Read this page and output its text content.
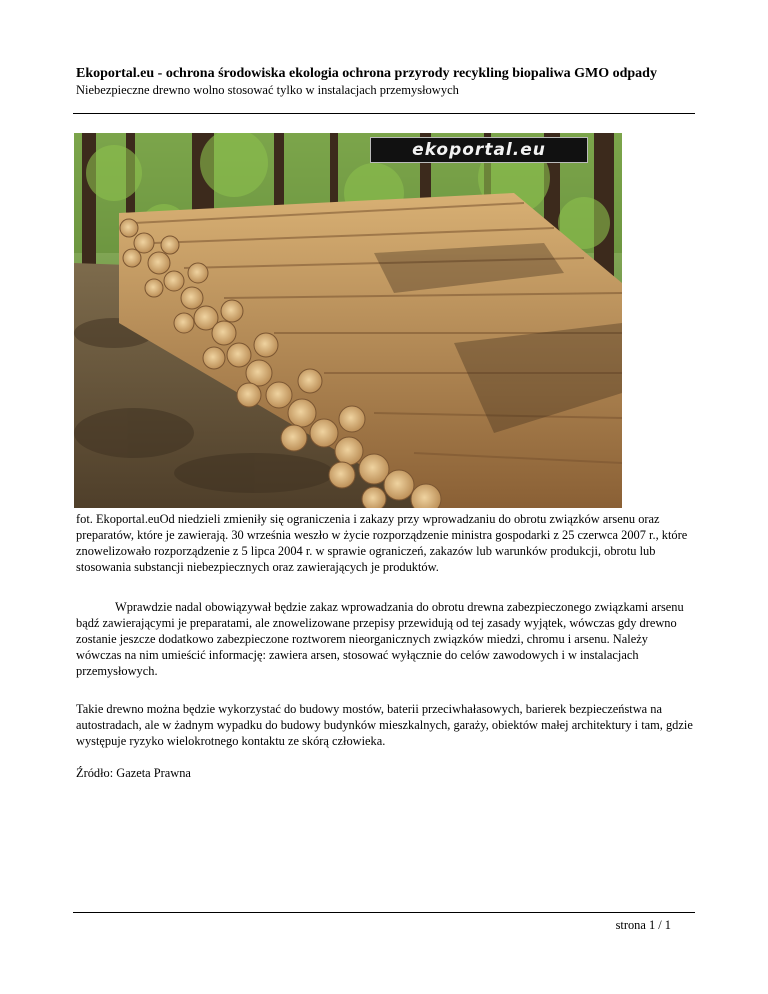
Ekoportal.eu - ochrona środowiska ekologia ochrona przyrody recykling biopaliwa GMO odpady
Niebezpieczne drewno wolno stosować tylko w instalacjach przemysłowych
ekoportal.eu
fot. Ekoportal.euOd niedzieli zmieniły się ograniczenia i zakazy przy wprowadzaniu do obrotu związków arsenu oraz preparatów, które je zawierają. 30 września weszło w życie rozporządzenie ministra gospodarki z 25 czerwca 2007 r., które znowelizowało rozporządzenie z 5 lipca 2004 r. w sprawie ograniczeń, zakazów lub warunków produkcji, obrotu lub stosowania substancji niebezpiecznych oraz zawierających je produktów.
Wprawdzie nadal obowiązywał będzie zakaz wprowadzania do obrotu drewna zabezpieczonego związkami arsenu bądź zawierającymi je preparatami, ale znowelizowane przepisy przewidują od tej zasady wyjątek, wówczas gdy drewno zostanie jeszcze dodatkowo zabezpieczone roztworem nieorganicznych związków miedzi, chromu i arsenu. Należy wówczas na nim umieścić informację: zawiera arsen, stosować wyłącznie do celów zawodowych i w instalacjach przemysłowych.
Takie drewno można będzie wykorzystać do budowy mostów, baterii przeciwhałasowych, barierek bezpieczeństwa na autostradach, ale w żadnym wypadku do budowy budynków mieszkalnych, garaży, obiektów małej architektury i tam, gdzie występuje ryzyko wielokrotnego kontaktu ze skórą człowieka.
Źródło: Gazeta Prawna
strona 1 / 1
